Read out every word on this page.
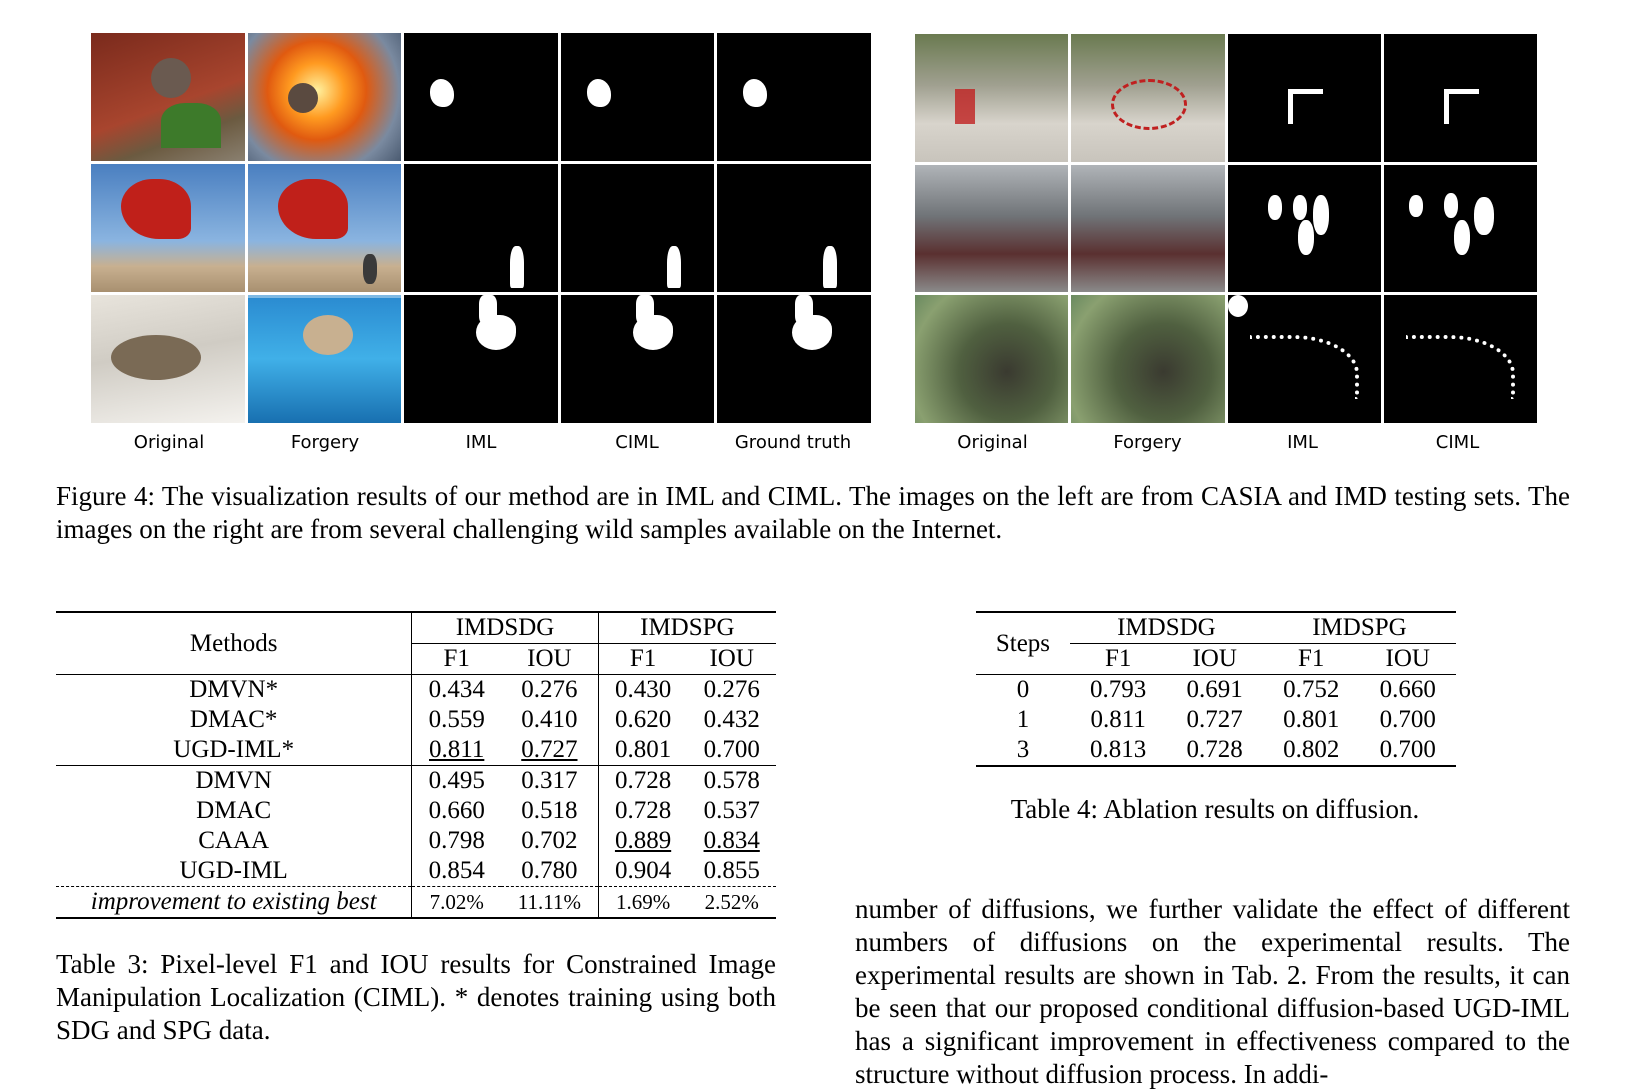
Original	Forgery	IML	CIML	Ground truth	Original	Forgery	IML	CIML
Figure 4: The visualization results of our method are in IML and CIML. The images on the left are from CASIA and IMD testing sets. The images on the right are from several challenging wild samples available on the Internet.
Methods	IMDSDG		IMDSPG	
	F1	IOU	F1	IOU
DMVN*	0.434	0.276	0.430	0.276
DMAC*	0.559	0.410	0.620	0.432
UGD-IML*	0.811	0.727	0.801	0.700
DMVN	0.495	0.317	0.728	0.578
DMAC	0.660	0.518	0.728	0.537
CAAA	0.798	0.702	0.889	0.834
UGD-IML	0.854	0.780	0.904	0.855
improvement to existing best	7.02%	11.11%	1.69%	2.52%
Table 3: Pixel-level F1 and IOU results for Constrained Image Manipulation Localization (CIML). * denotes training using both SDG and SPG data.
Steps	IMDSDG		IMDSPG	
	F1	IOU	F1	IOU
0	0.793	0.691	0.752	0.660
1	0.811	0.727	0.801	0.700
3	0.813	0.728	0.802	0.700
Table 4: Ablation results on diffusion.
number of diffusions, we further validate the effect of different numbers of diffusions on the experimental results. The experimental results are shown in Tab. 2. From the results, it can be seen that our proposed conditional diffusion-based UGD-IML has a significant improvement in effectiveness compared to the structure without diffusion process. In addi-
